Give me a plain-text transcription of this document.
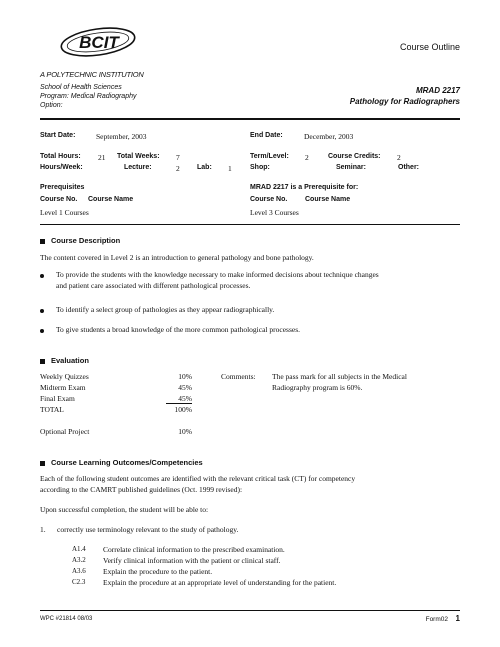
BCIT	Course Outline
A POLYTECHNIC INSTITUTION
School of Health Sciences
Program: Medical Radiography
Option:
MRAD 2217
Pathology for Radiographers
Start Date:	September, 2003	End Date:	December, 2003
Total Hours: 21 Total Weeks: 7	Term/Level: 2	Course Credits: 2
Hours/Week:	Lecture:	2 Lab: 1	Shop:	Seminar:	Other:
Prerequisites	MRAD 2217 is a Prerequisite for:
Course No. Course Name	Course No.	Course Name
Level 1 Courses	Level 3 Courses
Course Description
The content covered in Level 2 is an introduction to general pathology and bone pathology.
To provide the students with the knowledge necessary to make informed decisions about technique changes
and patient care associated with different pathological processes.
To identify a select group of pathologies as they appear radiographically.
To give students a broad knowledge of the more common pathological processes.
Evaluation
Weekly Quizzes	10%
Midterm Exam	45%
Final Exam	45%
TOTAL	100%
Optional Project	10%
Comments: The pass mark for all subjects in the Medical
Radiography program is 60%.
Course Learning Outcomes/Competencies
Each of the following student outcomes are identified with the relevant critical task (CT) for competency
according to the CAMRT published guidelines (Oct. 1999 revised):
Upon successful completion, the student will be able to:
1. correctly use terminology relevant to the study of pathology.
A1.4 Correlate clinical information to the prescribed examination.
A3.2 Verify clinical information with the patient or clinical staff.
A3.6 Explain the procedure to the patient.
C2.3 Explain the procedure at an appropriate level of understanding for the patient.
WPC #21814 08/03	Form02 1
